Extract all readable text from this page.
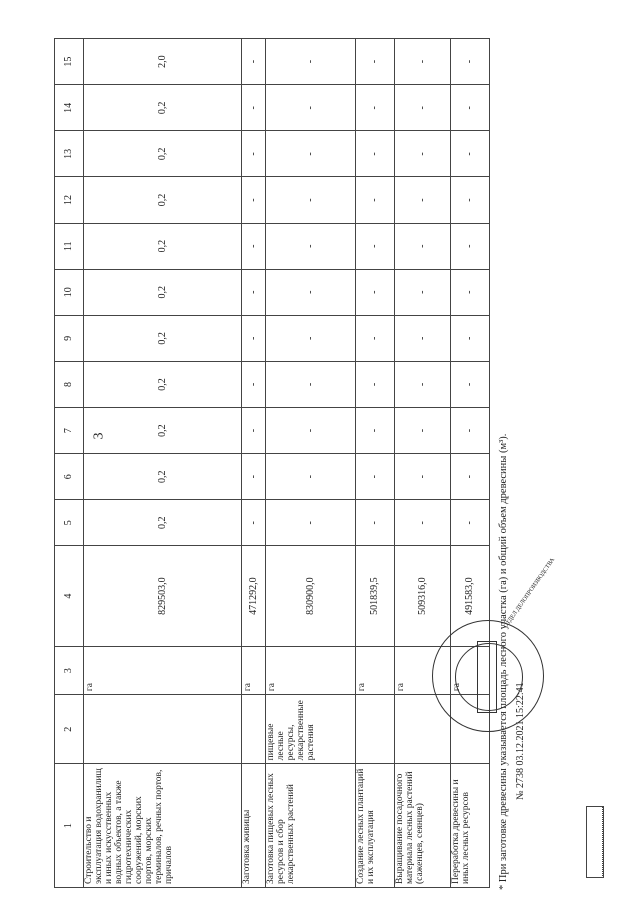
3
1	2	3	4	5	6	7	8	9	10	11	12	13	14	15
Строительство и эксплуатация водохранилищ и иных искусственных водных объектов, а также гидротехнических сооружений, морских портов, морских терминалов, речных портов, причалов		га	829503,0	0,2	0,2	0,2	0,2	0,2	0,2	0,2	0,2	0,2	0,2	2,0
Заготовка живицы		га	471292,0	-	-	-	-	-	-	-	-	-	-	-
Заготовка пищевых лесных ресурсов и сбор лекарственных растений	пищевые лесные ресурсы, лекарственные растения	га	830900,0	-	-	-	-	-	-	-	-	-	-	-
Создание лесных плантаций и их эксплуатация		га	501839,5	-	-	-	-	-	-	-	-	-	-	-
Выращивание посадочного материала лесных растений (саженцев, сеянцев)		га	509316,0	-	-	-	-	-	-	-	-	-	-	-
Переработка древесины и иных лесных ресурсов		га	491583,0	-	-	-	-	-	-	-	-	-	-	-
* При заготовке древесины указывается площадь лесного участка (га) и общий объем древесины (м³). № 2738 03.12.2021 15:22:41
ОТДЕЛ ДЕЛОПРОИЗВОДСТВА
